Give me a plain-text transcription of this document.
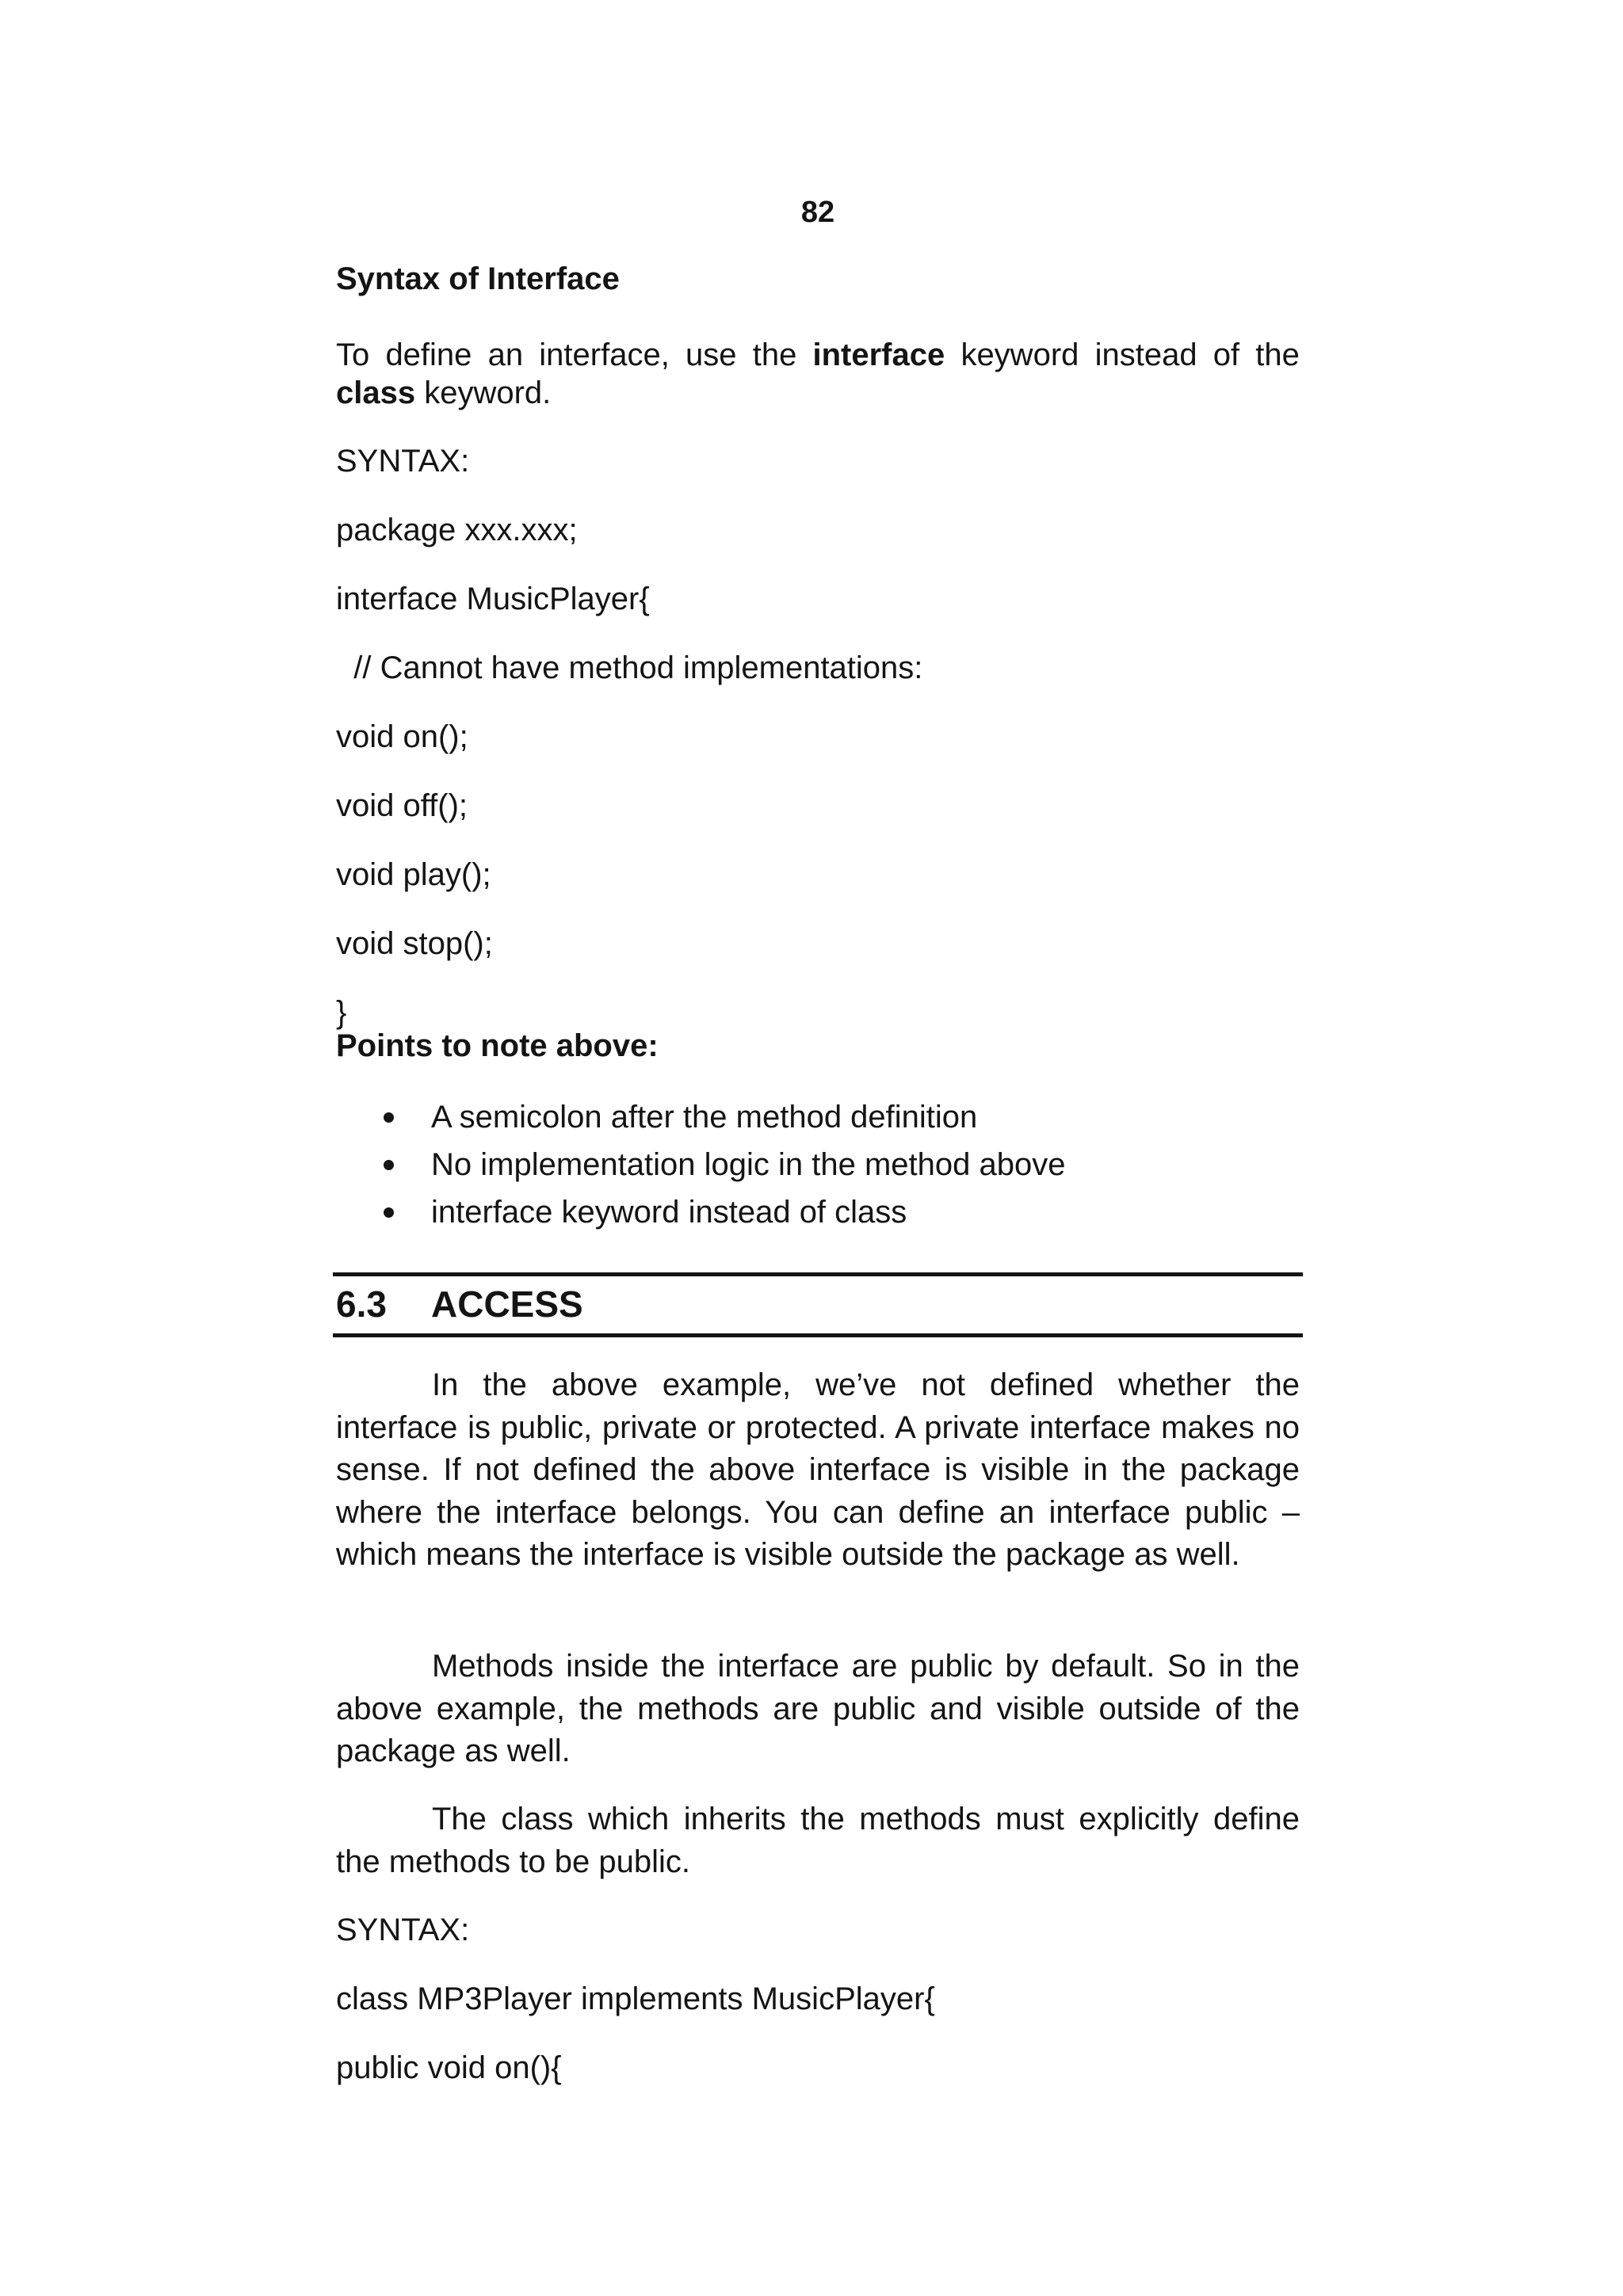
82
Syntax of Interface
To define an interface, use the interface keyword instead of the
class keyword.
SYNTAX:
package xxx.xxx;
interface MusicPlayer{
// Cannot have method implementations:
void on();
void off();
void play();
void stop();
}
Points to note above:
A semicolon after the method definition
No implementation logic in the method above
interface keyword instead of class
6.3 ACCESS

In the above example, we’ve not defined whether the interface is public, private or protected. A private interface makes no sense. If not defined the above interface is visible in the package where the interface belongs. You can define an interface public – which means the interface is visible outside the package as well.

Methods inside the interface are public by default. So in the above example, the methods are public and visible outside of the package as well.

The class which inherits the methods must explicitly define the methods to be public.

SYNTAX:
class MP3Player implements MusicPlayer{
public void on(){
